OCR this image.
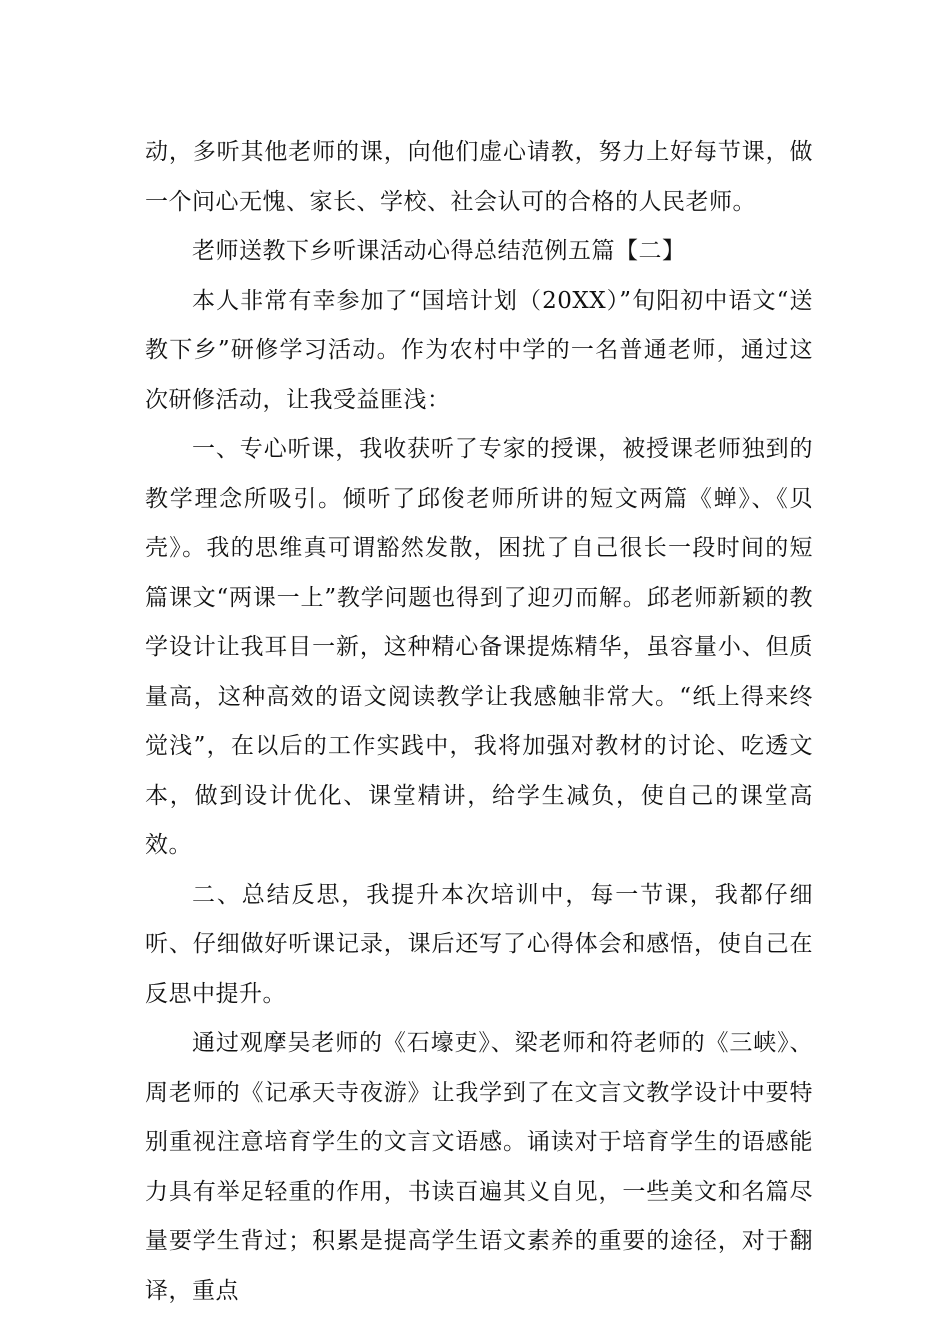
动，多听其他老师的课，向他们虚心请教，努力上好每节课，做一个问心无愧、家长、学校、社会认可的合格的人民老师。

老师送教下乡听课活动心得总结范例五篇【二】

本人非常有幸参加了“国培计划（20XX）”旬阳初中语文“送教下乡”研修学习活动。作为农村中学的一名普通老师，通过这次研修活动，让我受益匪浅：

一、专心听课，我收获听了专家的授课，被授课老师独到的教学理念所吸引。倾听了邱俊老师所讲的短文两篇《蝉》、《贝壳》。我的思维真可谓豁然发散，困扰了自己很长一段时间的短篇课文“两课一上”教学问题也得到了迎刃而解。邱老师新颖的教学设计让我耳目一新，这种精心备课提炼精华，虽容量小、但质量高，这种高效的语文阅读教学让我感触非常大。“纸上得来终觉浅”，在以后的工作实践中，我将加强对教材的讨论、吃透文本，做到设计优化、课堂精讲，给学生减负，使自己的课堂高效。

二、总结反思，我提升本次培训中，每一节课，我都仔细听、仔细做好听课记录，课后还写了心得体会和感悟，使自己在反思中提升。

通过观摩吴老师的《石壕吏》、梁老师和符老师的《三峡》、周老师的《记承天寺夜游》让我学到了在文言文教学设计中要特别重视注意培育学生的文言文语感。诵读对于培育学生的语感能力具有举足轻重的作用，书读百遍其义自见，一些美文和名篇尽量要学生背过；积累是提高学生语文素养的重要的途径，对于翻译，重点
